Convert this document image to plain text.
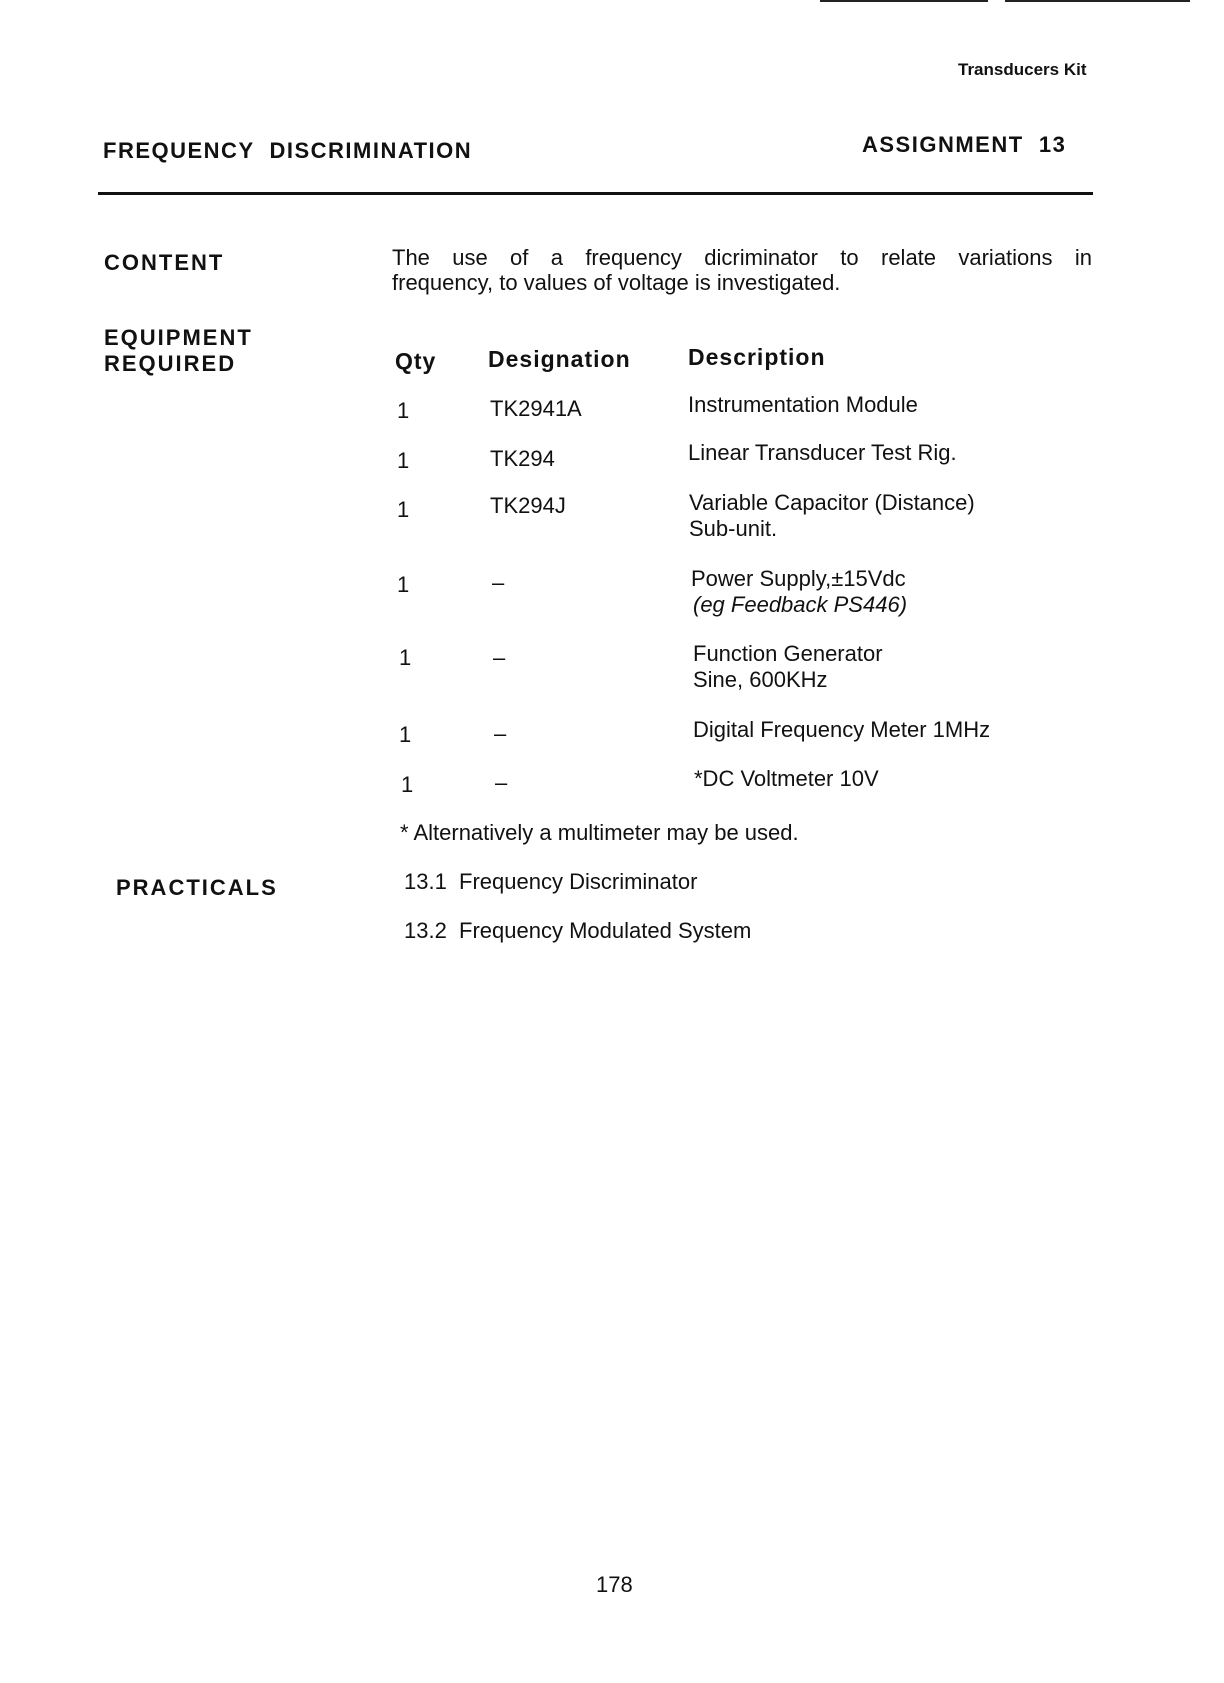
Transducers Kit
FREQUENCY  DISCRIMINATION	ASSIGNMENT  13
CONTENT	The use of a frequency dicriminator to relate variations in
frequency, to values of voltage is investigated.
EQUIPMENT
REQUIRED	Qty Designation Description
1	TK2941A	Instrumentation Module
1	TK294	Linear Transducer Test Rig.
1	TK294J	Variable Capacitor (Distance)
Sub-unit.
1	–	Power Supply,±15Vdc
(eg Feedback PS446)
1	–	Function Generator
Sine, 600KHz
1	–	Digital Frequency Meter 1MHz
1	–	*DC Voltmeter 10V
* Alternatively a multimeter may be used.
PRACTICALS	13.1  Frequency Discriminator
13.2  Frequency Modulated System
178
